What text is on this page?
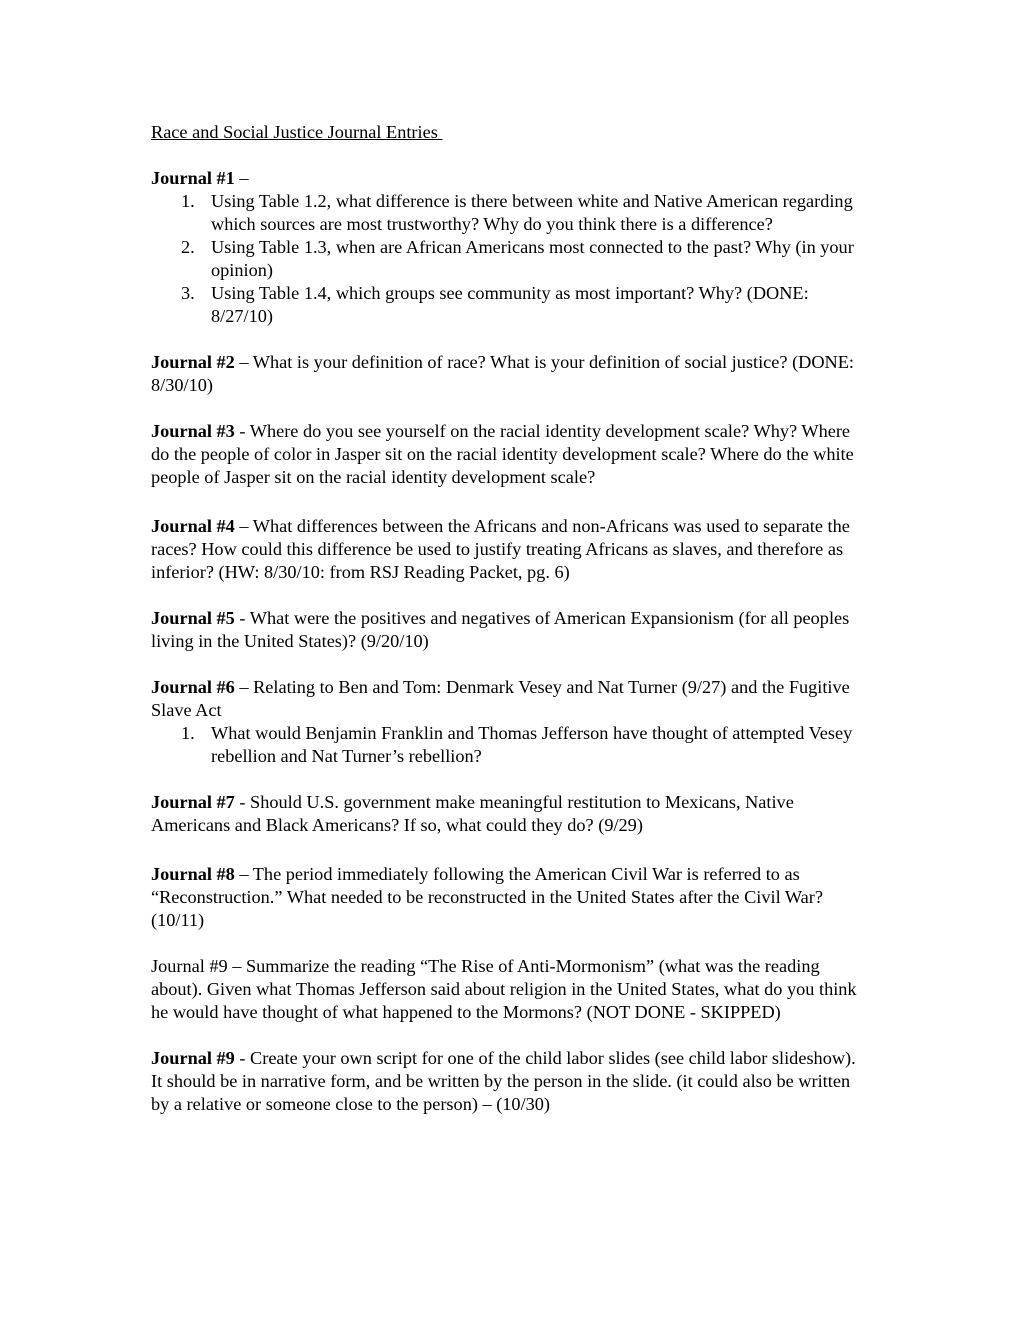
Race and Social Justice Journal Entries

Journal #1 –

1. Using Table 1.2, what difference is there between white and Native American regarding which sources are most trustworthy? Why do you think there is a difference?
2. Using Table 1.3, when are African Americans most connected to the past? Why (in your opinion)
3. Using Table 1.4, which groups see community as most important? Why? (DONE: 8/27/10)

Journal #2 – What is your definition of race? What is your definition of social justice? (DONE: 8/30/10)

Journal #3 - Where do you see yourself on the racial identity development scale? Why? Where do the people of color in Jasper sit on the racial identity development scale? Where do the white people of Jasper sit on the racial identity development scale?

Journal #4 – What differences between the Africans and non-Africans was used to separate the races? How could this difference be used to justify treating Africans as slaves, and therefore as inferior? (HW: 8/30/10: from RSJ Reading Packet, pg. 6)

Journal #5 - What were the positives and negatives of American Expansionism (for all peoples living in the United States)? (9/20/10)

Journal #6 – Relating to Ben and Tom: Denmark Vesey and Nat Turner (9/27) and the Fugitive Slave Act

1. What would Benjamin Franklin and Thomas Jefferson have thought of attempted Vesey rebellion and Nat Turner’s rebellion?

Journal #7 - Should U.S. government make meaningful restitution to Mexicans, Native Americans and Black Americans? If so, what could they do? (9/29)

Journal #8 – The period immediately following the American Civil War is referred to as “Reconstruction.” What needed to be reconstructed in the United States after the Civil War? (10/11)

Journal #9 – Summarize the reading “The Rise of Anti-Mormonism” (what was the reading about). Given what Thomas Jefferson said about religion in the United States, what do you think he would have thought of what happened to the Mormons? (NOT DONE - SKIPPED)

Journal #9 - Create your own script for one of the child labor slides (see child labor slideshow). It should be in narrative form, and be written by the person in the slide. (it could also be written by a relative or someone close to the person) – (10/30)
